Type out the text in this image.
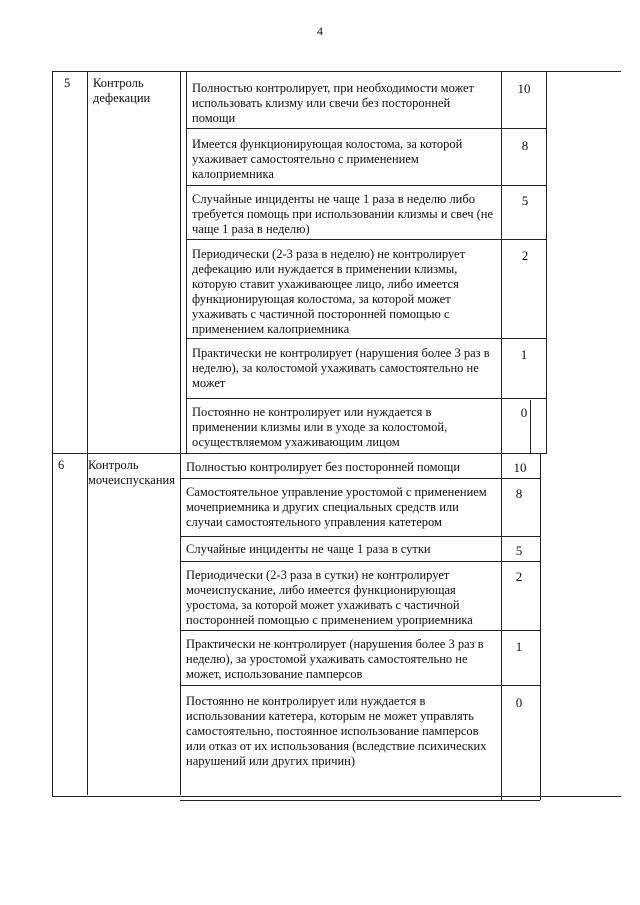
4
5 Контроль
дефекации
Полностью контролирует, при необходимости может
использовать клизму или свечи без посторонней
помощи
10
Имеется функционирующая колостома, за которой
ухаживает самостоятельно с применением
калоприемника
8
Случайные инциденты не чаще 1 раза в неделю либо
требуется помощь при использовании клизмы и свеч (не
чаще 1 раза в неделю)
5
Периодически (2-3 раза в неделю) не контролирует
дефекацию или нуждается в применении клизмы,
которую ставит ухаживающее лицо, либо имеется
функционирующая колостома, за которой может
ухаживать с частичной посторонней помощью с
применением калоприемника
2
Практически не контролирует (нарушения более 3 раз в
неделю), за колостомой ухаживать самостоятельно не
может
1
Постоянно не контролирует или нуждается в
применении клизмы или в уходе за колостомой,
осуществляемом ухаживающим лицом
0
6 Контроль
мочеиспускания
Полностью контролирует без посторонней помощи	10
Самостоятельное управление уростомой с применением
мочеприемника и других специальных средств или
случаи самостоятельного управления катетером
8
Случайные инциденты не чаще 1 раза в сутки	5
Периодически (2-3 раза в сутки) не контролирует
мочеиспускание, либо имеется функционирующая
уростома, за которой может ухаживать с частичной
посторонней помощью с применением уроприемника
2
Практически не контролирует (нарушения более 3 раз в
неделю), за уростомой ухаживать самостоятельно не
может, использование памперсов
1
Постоянно не контролирует или нуждается в
использовании катетера, которым не может управлять
самостоятельно, постоянное использование памперсов
или отказ от их использования (вследствие психических
нарушений или других причин)
0
